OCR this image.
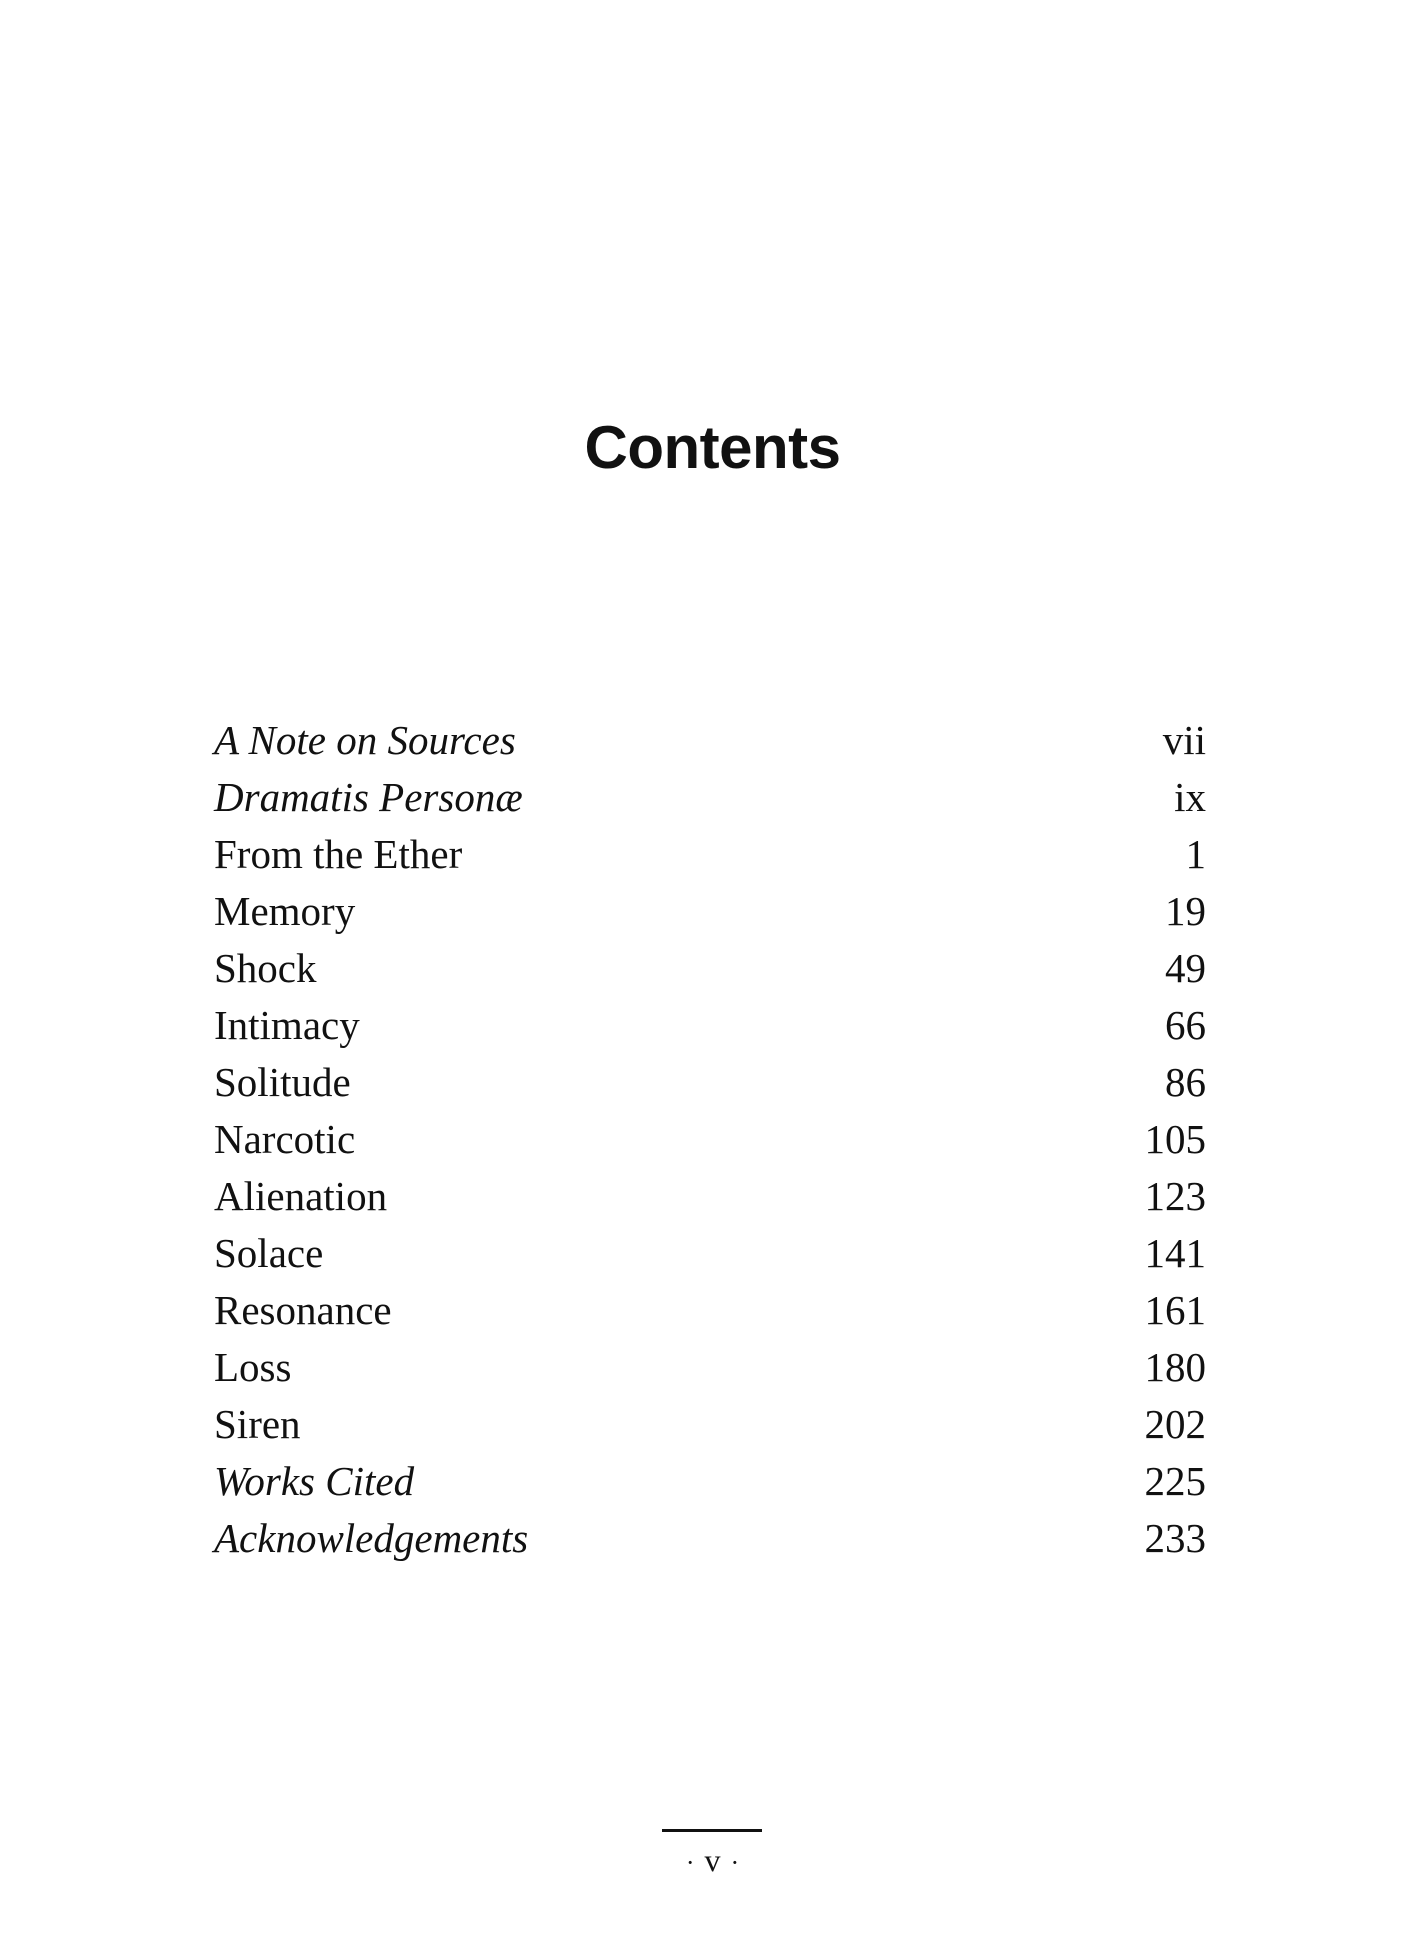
Contents
A Note on Sources	vii
Dramatis Personæ	ix
From the Ether	1
Memory	19
Shock	49
Intimacy	66
Solitude	86
Narcotic	105
Alienation	123
Solace	141
Resonance	161
Loss	180
Siren	202
Works Cited	225
Acknowledgements	233

· v ·
